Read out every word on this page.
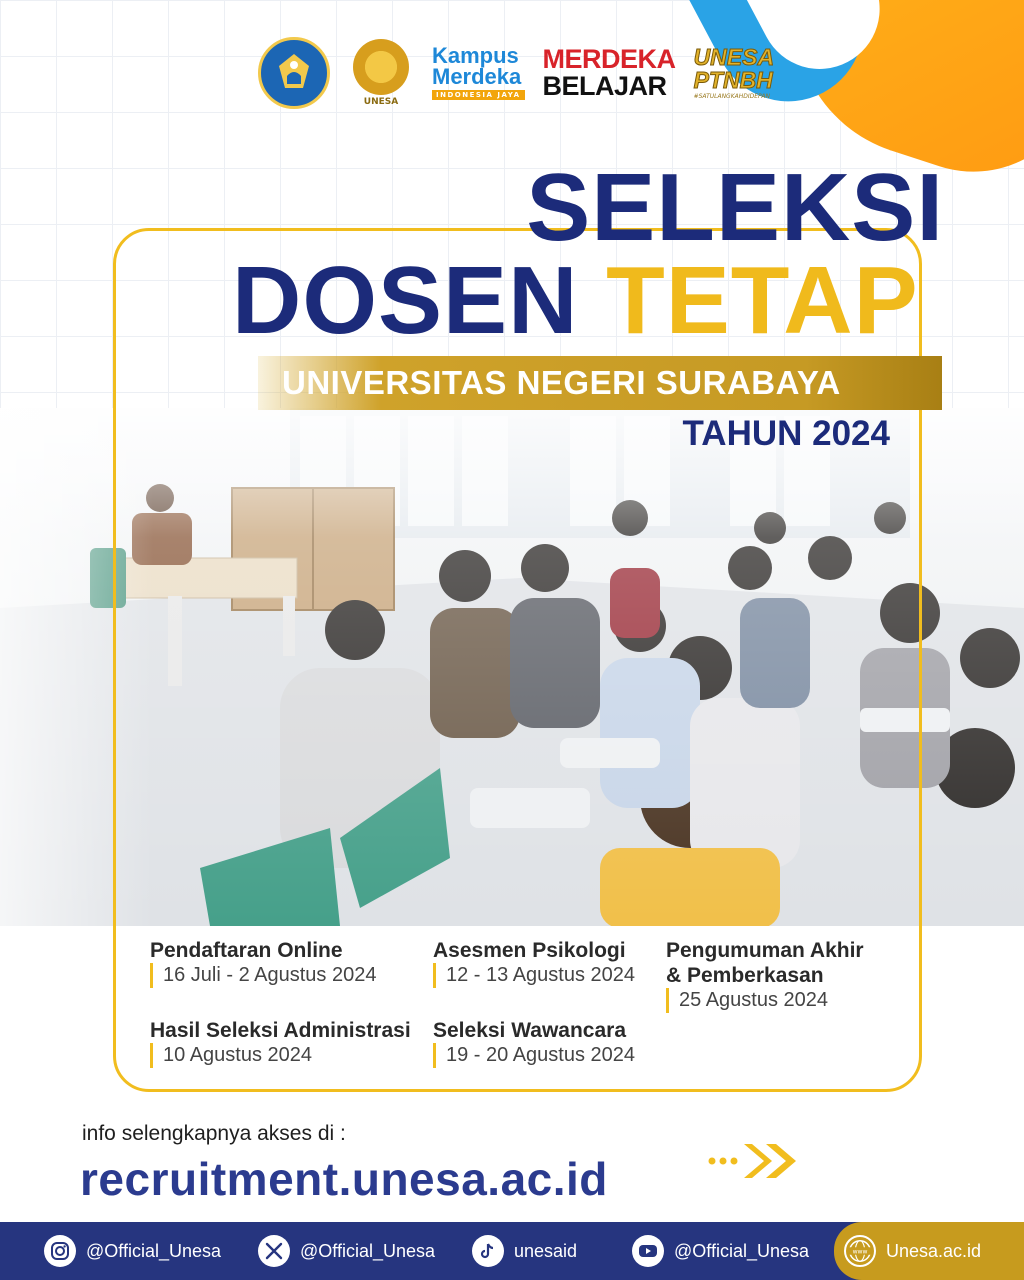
UNESA
Kampus
Merdeka
INDONESIA JAYA
MERDEKA
BELAJAR
UNESA
PTNBH
#SATULANGKAHDIDEPAN
SELEKSI
DOSEN TETAP
UNIVERSITAS NEGERI SURABAYA
TAHUN 2024
Pendaftaran Online
16 Juli - 2 Agustus 2024
Asesmen Psikologi
12 - 13 Agustus 2024
Pengumuman Akhir
& Pemberkasan
25 Agustus 2024
Hasil Seleksi Administrasi
10 Agustus 2024
Seleksi Wawancara
19 - 20 Agustus 2024
info selengkapnya akses di :
recruitment.unesa.ac.id
@Official_Unesa	@Official_Unesa	unesaid	@Official_Unesa	www Unesa.ac.id
